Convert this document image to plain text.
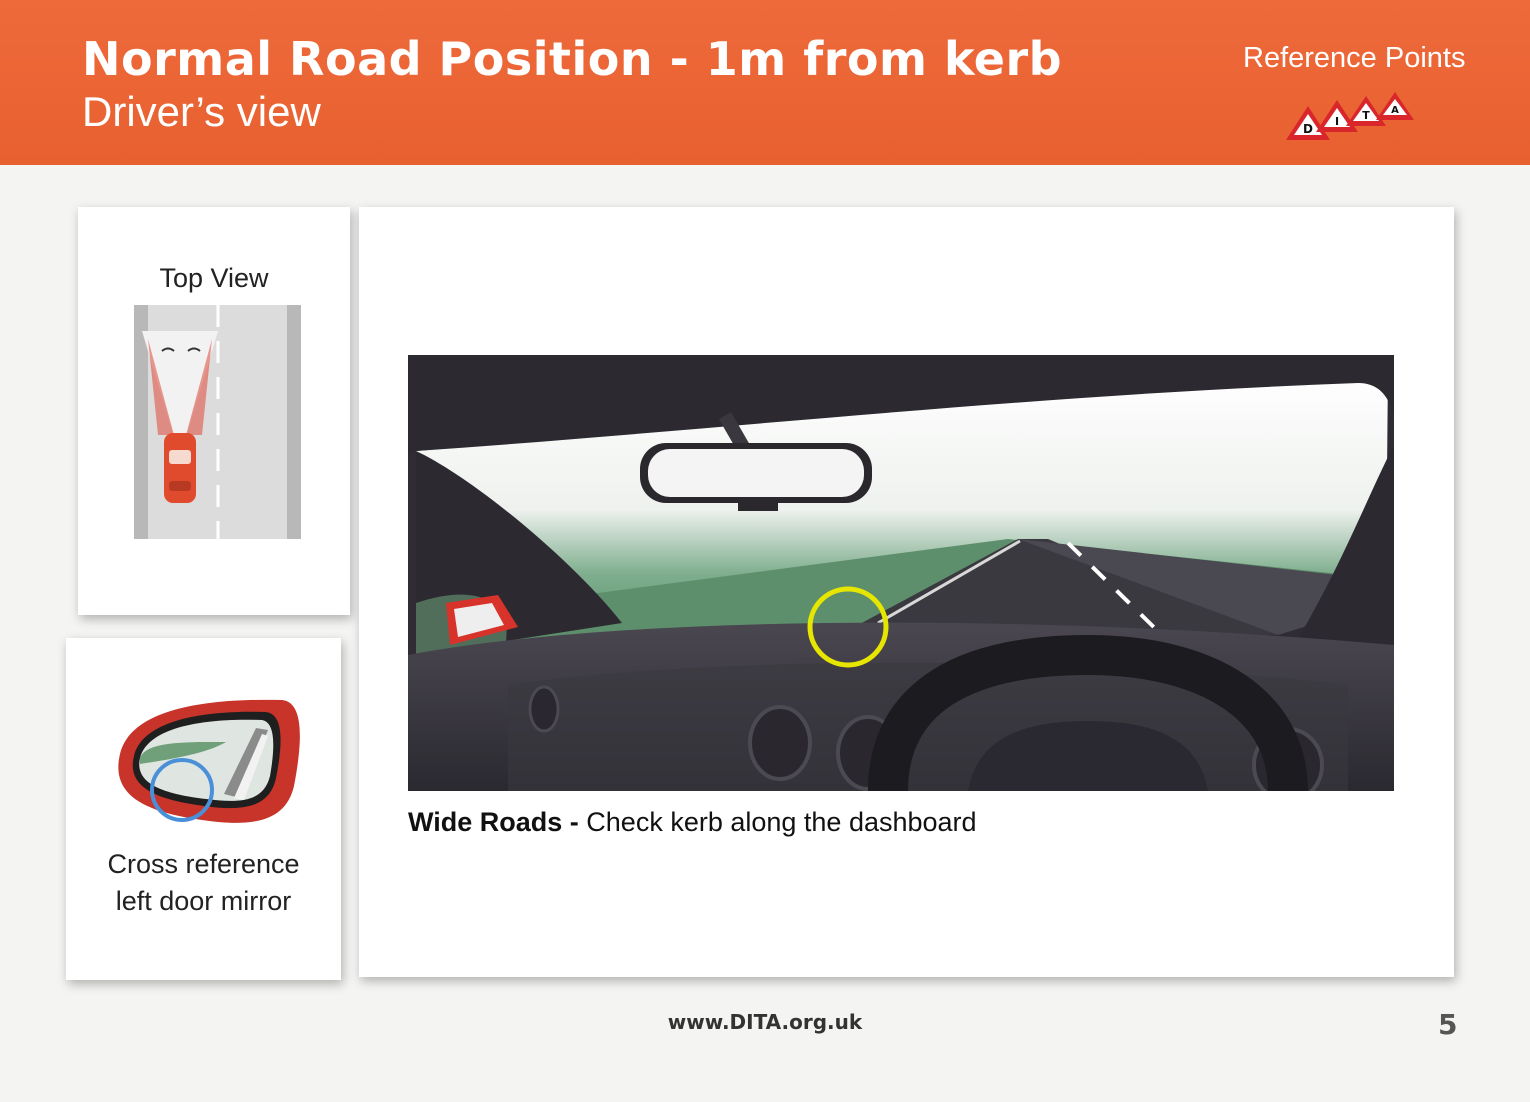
Normal Road Position - 1m from kerb
Driver’s view
Reference Points
D
I T A
Top View
Cross reference
left door mirror
Wide Roads - Check kerb along the dashboard
www.DITA.org.uk	5
